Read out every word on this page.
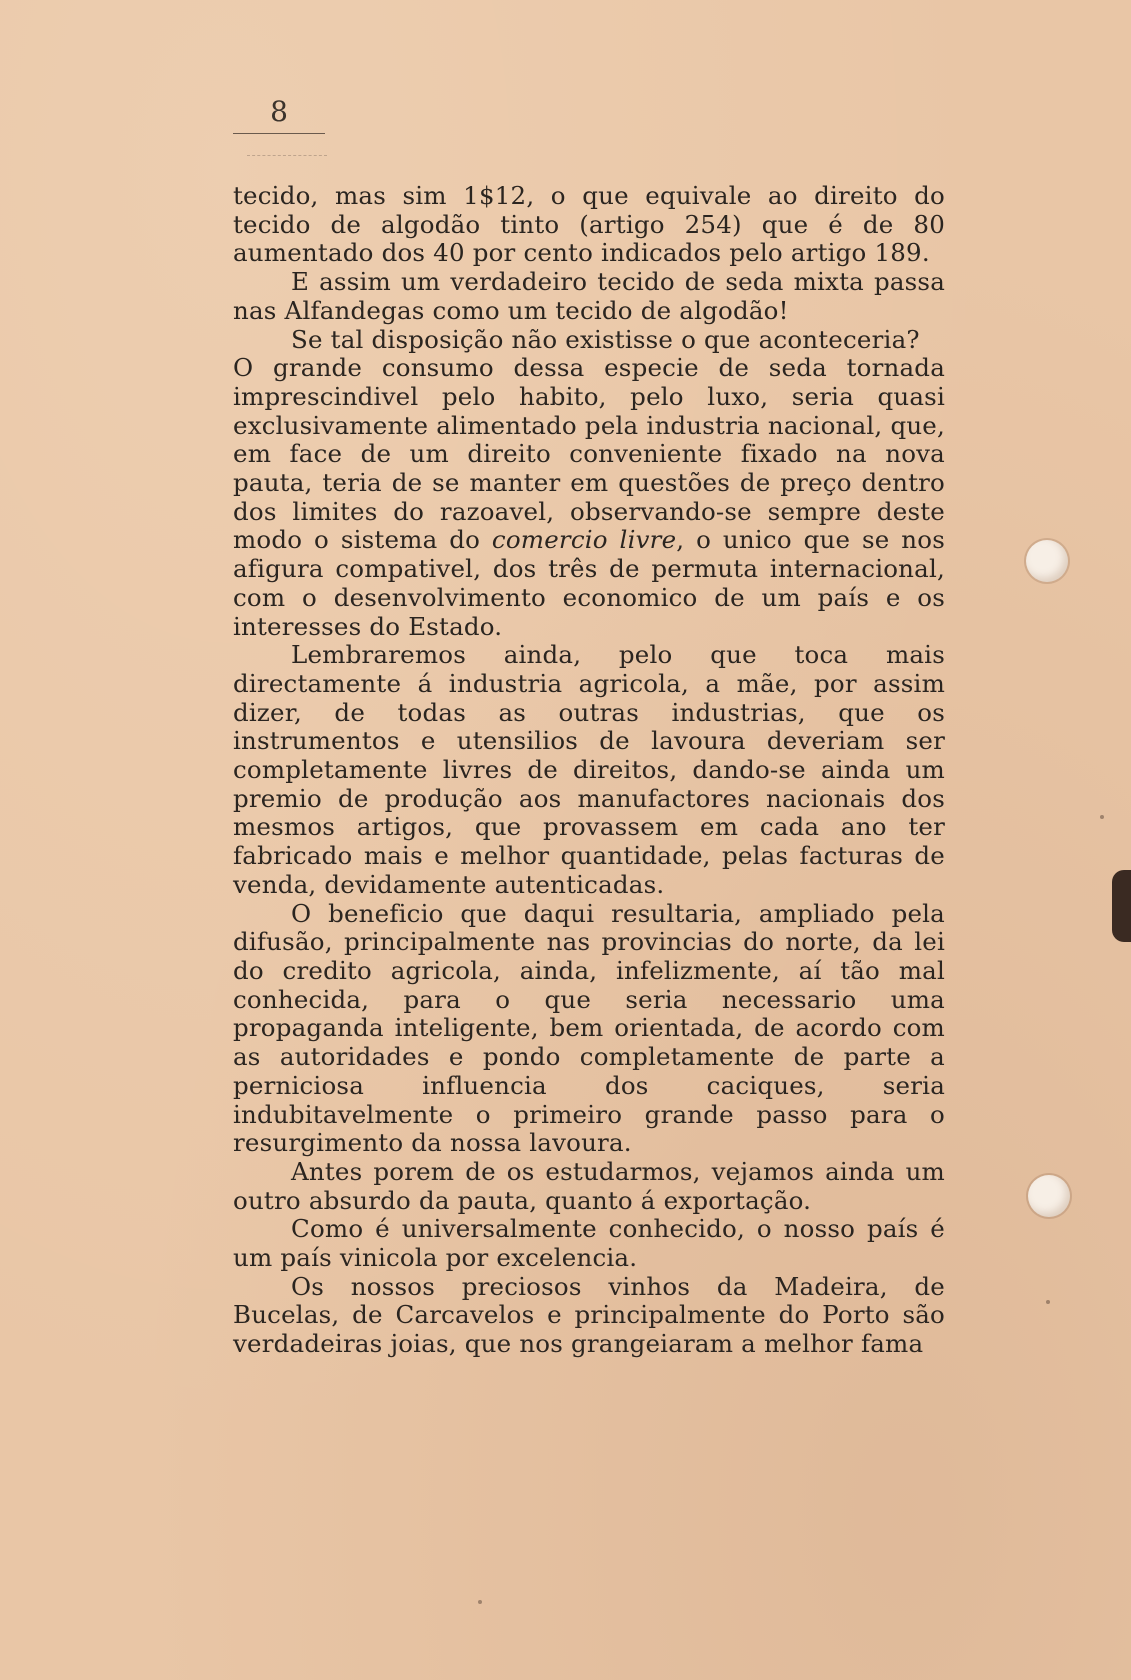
8

tecido, mas sim 1$12, o que equivale ao direito do tecido de algodão tinto (artigo 254) que é de 80 aumentado dos 40 por cento indicados pelo artigo 189.

E assim um verdadeiro tecido de seda mixta passa nas Alfandegas como um tecido de algodão!

Se tal disposição não existisse o que aconteceria?

O grande consumo dessa especie de seda tornada imprescindivel pelo habito, pelo luxo, seria quasi exclusivamente alimentado pela industria nacional, que, em face de um direito conveniente fixado na nova pauta, teria de se manter em questões de preço dentro dos limites do razoavel, observando-se sempre deste modo o sistema do comercio livre, o unico que se nos afigura compativel, dos três de permuta internacional, com o desenvolvimento economico de um país e os interesses do Estado.

Lembraremos ainda, pelo que toca mais directamente á industria agricola, a mãe, por assim dizer, de todas as outras industrias, que os instrumentos e utensilios de lavoura deveriam ser completamente livres de direitos, dando-se ainda um premio de produção aos manufactores nacionais dos mesmos artigos, que provassem em cada ano ter fabricado mais e melhor quantidade, pelas facturas de venda, devidamente autenticadas.

O beneficio que daqui resultaria, ampliado pela difusão, principalmente nas provincias do norte, da lei do credito agricola, ainda, infelizmente, aí tão mal conhecida, para o que seria necessario uma propaganda inteligente, bem orientada, de acordo com as autoridades e pondo completamente de parte a perniciosa influencia dos caciques, seria indubitavelmente o primeiro grande passo para o resurgimento da nossa lavoura.

Antes porem de os estudarmos, vejamos ainda um outro absurdo da pauta, quanto á exportação.

Como é universalmente conhecido, o nosso país é um país vinicola por excelencia.

Os nossos preciosos vinhos da Madeira, de Bucelas, de Carcavelos e principalmente do Porto são verdadeiras joias, que nos grangeiaram a melhor fama
